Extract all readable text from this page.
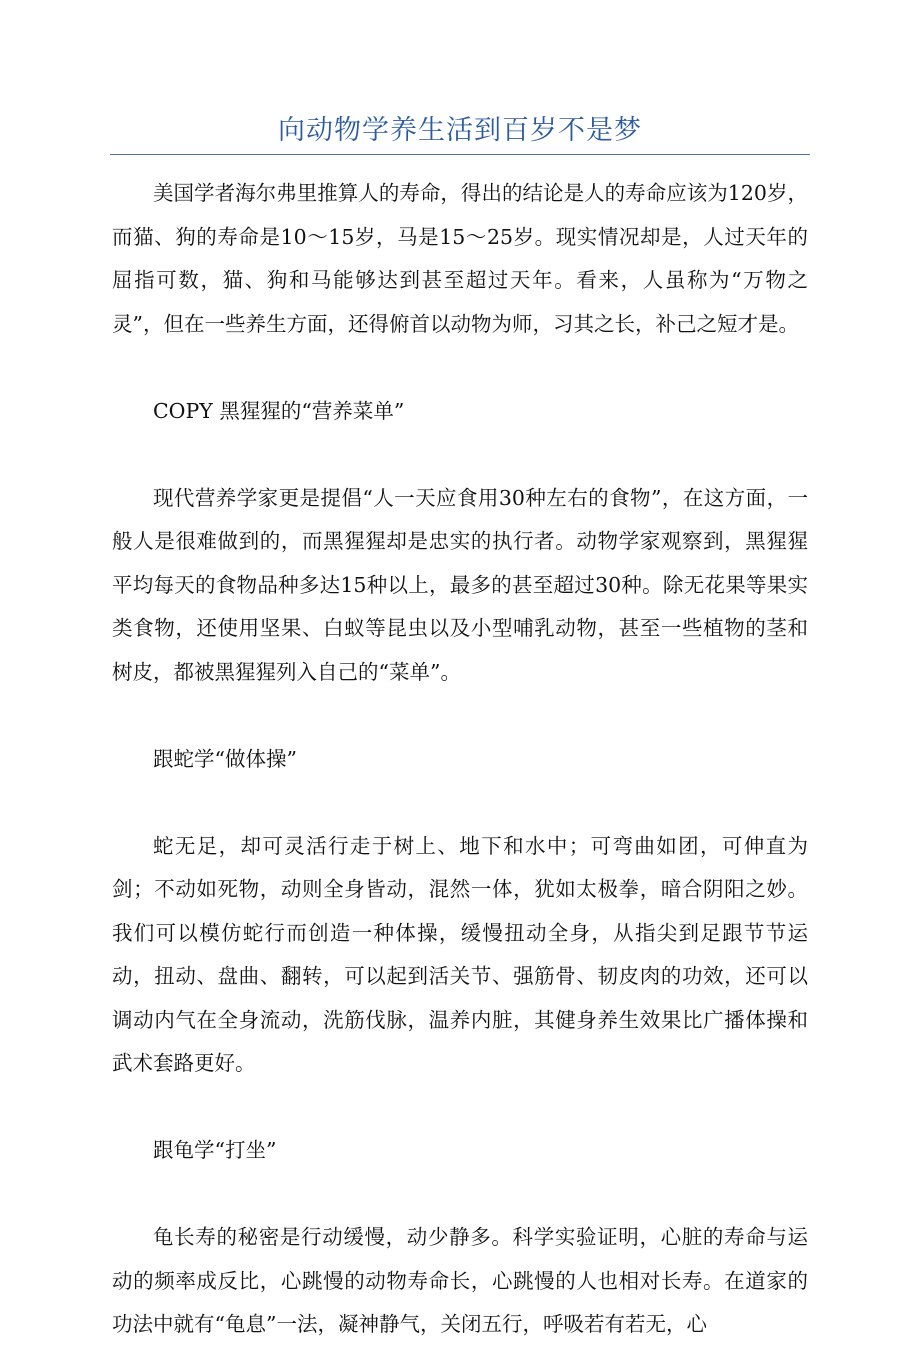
向动物学养生活到百岁不是梦

美国学者海尔弗里推算人的寿命，得出的结论是人的寿命应该为120岁，而猫、狗的寿命是10～15岁，马是15～25岁。现实情况却是，人过天年的屈指可数，猫、狗和马能够达到甚至超过天年。看来，人虽称为“万物之灵”，但在一些养生方面，还得俯首以动物为师，习其之长，补己之短才是。

COPY 黑猩猩的“营养菜单”

现代营养学家更是提倡“人一天应食用30种左右的食物”，在这方面，一般人是很难做到的，而黑猩猩却是忠实的执行者。动物学家观察到，黑猩猩平均每天的食物品种多达15种以上，最多的甚至超过30种。除无花果等果实类食物，还使用坚果、白蚁等昆虫以及小型哺乳动物，甚至一些植物的茎和树皮，都被黑猩猩列入自己的“菜单”。

跟蛇学“做体操”

蛇无足，却可灵活行走于树上、地下和水中；可弯曲如团，可伸直为剑；不动如死物，动则全身皆动，混然一体，犹如太极拳，暗合阴阳之妙。我们可以模仿蛇行而创造一种体操，缓慢扭动全身，从指尖到足跟节节运动，扭动、盘曲、翻转，可以起到活关节、强筋骨、韧皮肉的功效，还可以调动内气在全身流动，洗筋伐脉，温养内脏，其健身养生效果比广播体操和武术套路更好。

跟龟学“打坐”

龟长寿的秘密是行动缓慢，动少静多。科学实验证明，心脏的寿命与运动的频率成反比，心跳慢的动物寿命长，心跳慢的人也相对长寿。在道家的功法中就有“龟息”一法，凝神静气，关闭五行，呼吸若有若无，心
